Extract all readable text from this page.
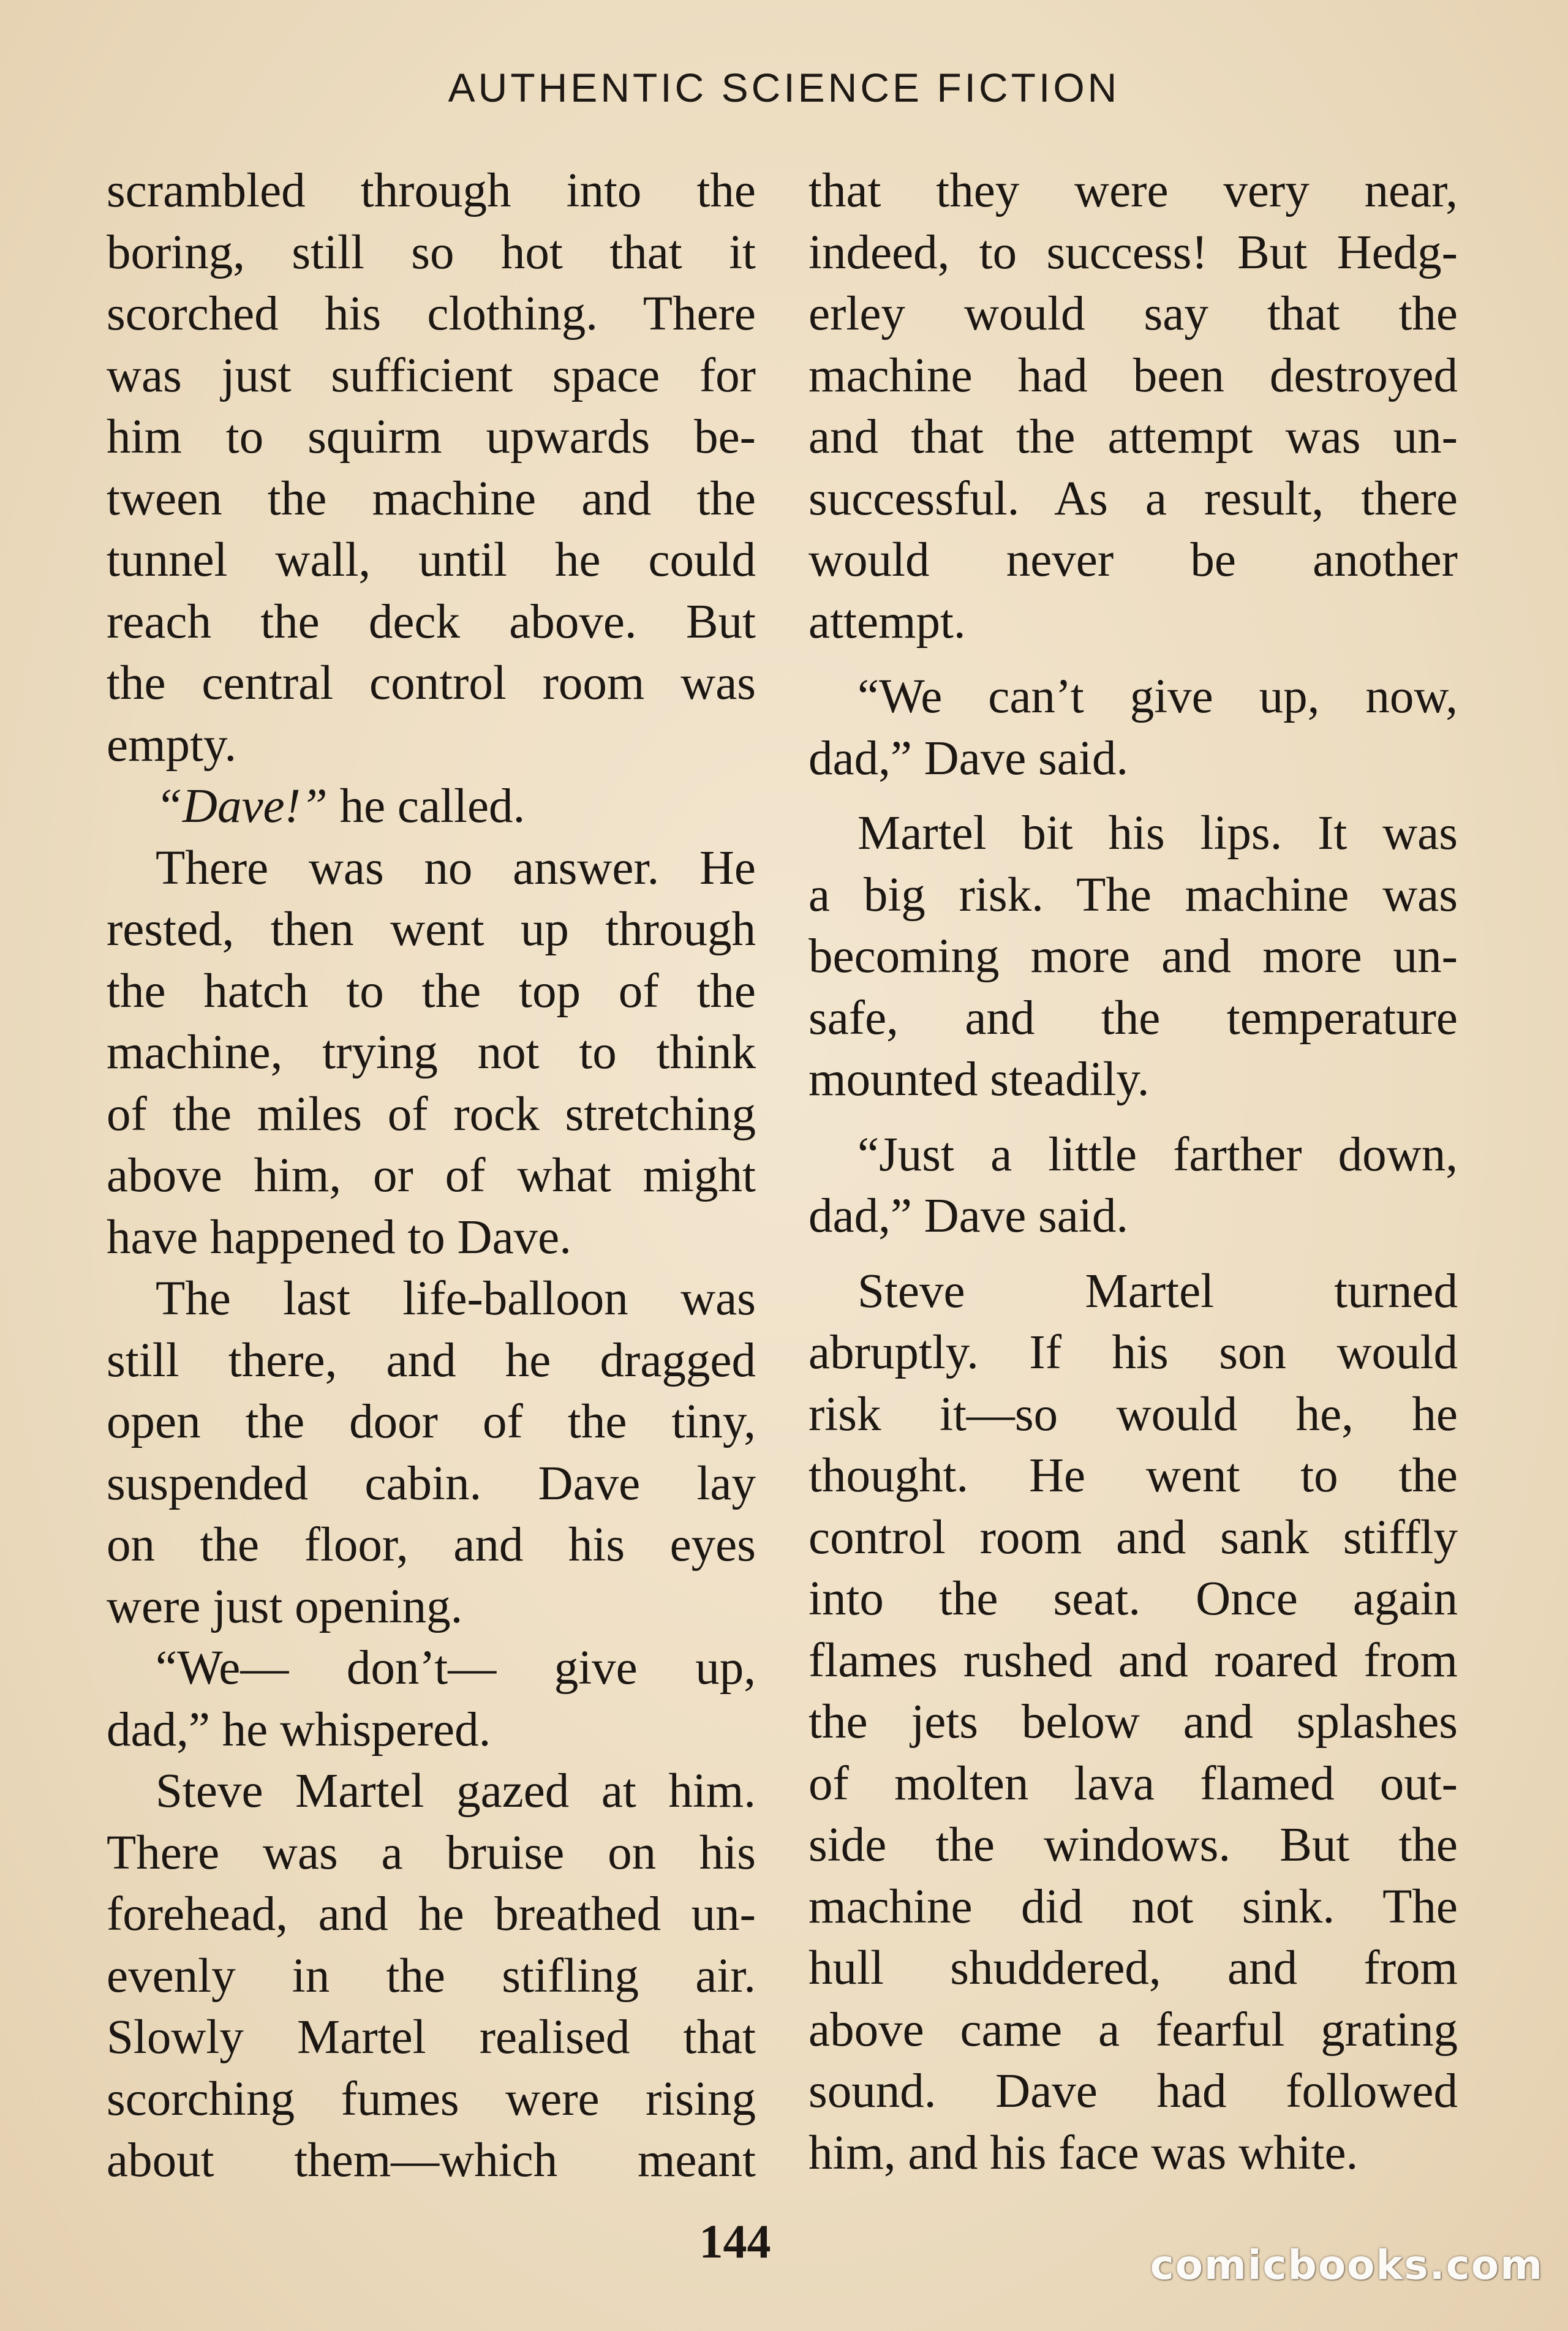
AUTHENTIC SCIENCE FICTION
scrambled through into the
boring, still so hot that it
scorched his clothing. There
was just sufficient space for
him to squirm upwards be-
tween the machine and the
tunnel wall, until he could
reach the deck above. But
the central control room was
empty.
“Dave!” he called.
There was no answer. He
rested, then went up through
the hatch to the top of the
machine, trying not to think
of the miles of rock stretching
above him, or of what might
have happened to Dave.
The last life-balloon was
still there, and he dragged
open the door of the tiny,
suspended cabin. Dave lay
on the floor, and his eyes
were just opening.
“We— don’t— give up,
dad,” he whispered.
Steve Martel gazed at him.
There was a bruise on his
forehead, and he breathed un-
evenly in the stifling air.
Slowly Martel realised that
scorching fumes were rising
about them—which meant
that they were very near,
indeed, to success! But Hedg-
erley would say that the
machine had been destroyed
and that the attempt was un-
successful. As a result, there
would never be another
attempt.
“We can’t give up, now,
dad,” Dave said.
Martel bit his lips. It was
a big risk. The machine was
becoming more and more un-
safe, and the temperature
mounted steadily.
“Just a little farther down,
dad,” Dave said.
Steve Martel turned
abruptly. If his son would
risk it—so would he, he
thought. He went to the
control room and sank stiffly
into the seat. Once again
flames rushed and roared from
the jets below and splashes
of molten lava flamed out-
side the windows. But the
machine did not sink. The
hull shuddered, and from
above came a fearful grating
sound. Dave had followed
him, and his face was white.
144	comicbooks.com
